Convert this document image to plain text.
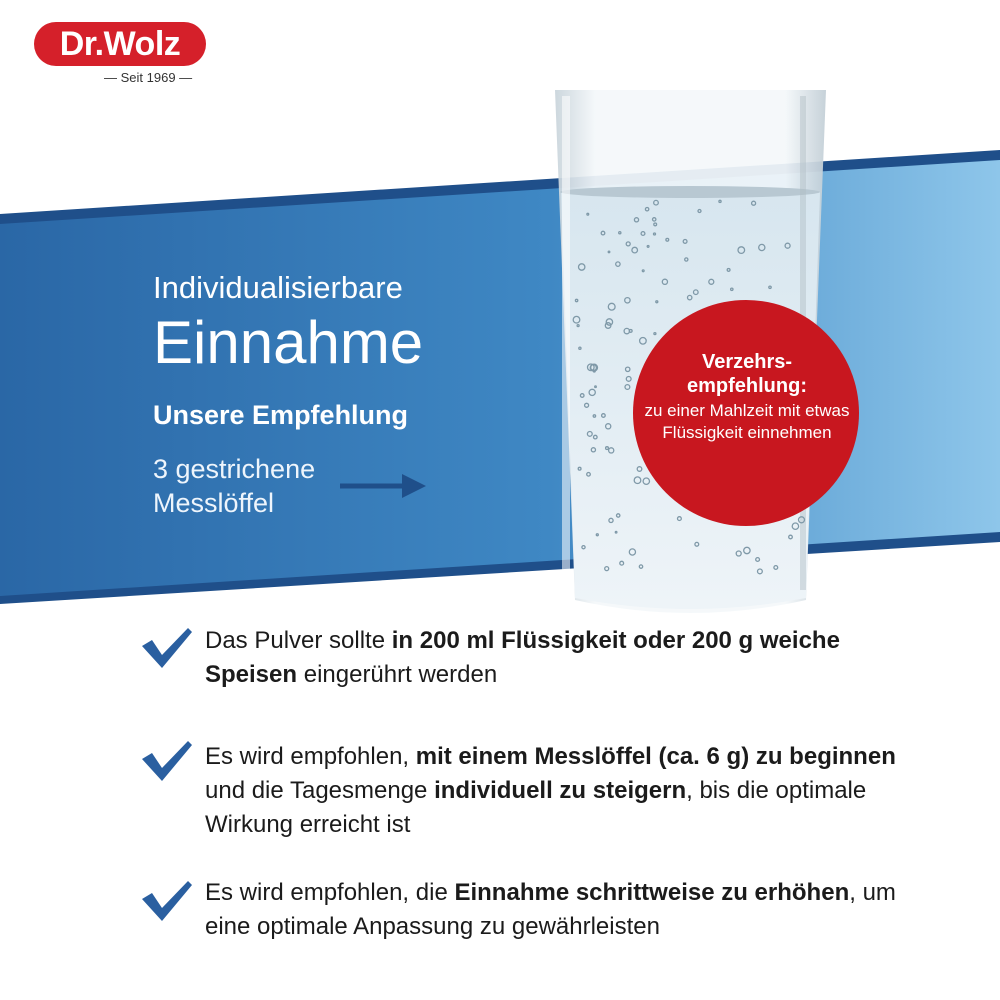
Dr.Wolz
— Seit 1969 —
Individualisierbare
Einnahme
Unsere Empfehlung
3 gestrichene Messlöffel
Verzehrs-
empfehlung:
zu einer Mahlzeit mit etwas Flüssigkeit einnehmen
Das Pulver sollte in 200 ml Flüssigkeit oder 200 g weiche Speisen eingerührt werden
Es wird empfohlen, mit einem Messlöffel (ca. 6 g) zu beginnen und die Tagesmenge individuell zu steigern, bis die optimale Wirkung erreicht ist
Es wird empfohlen, die Einnahme schrittweise zu erhöhen, um eine optimale Anpassung zu gewährleisten
